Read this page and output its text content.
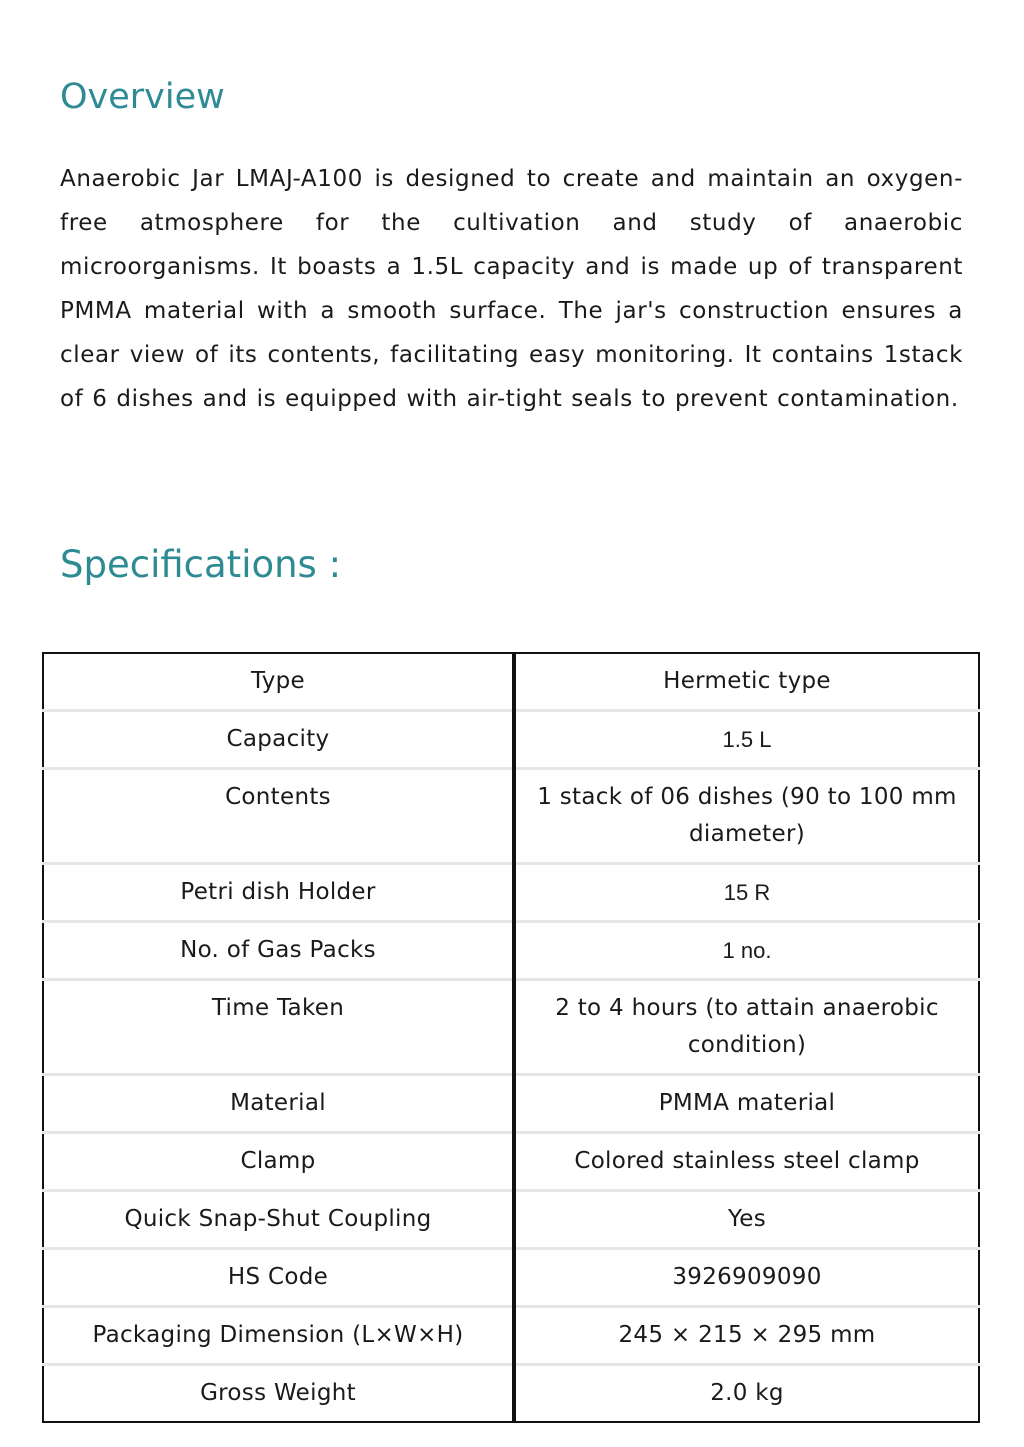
Overview

Anaerobic Jar LMAJ-A100 is designed to create and maintain an oxygen-free atmosphere for the cultivation and study of anaerobic microorganisms. It boasts a 1.5L capacity and is made up of transparent PMMA material with a smooth surface. The jar's construction ensures a clear view of its contents, facilitating easy monitoring. It contains 1stack of 6 dishes and is equipped with air-tight seals to prevent contamination.

Specifications :
Type	Hermetic type
Capacity	1.5 L
Contents	1 stack of 06 dishes (90 to 100 mm diameter)
Petri dish Holder	15 R
No. of Gas Packs	1 no.
Time Taken	2 to 4 hours (to attain anaerobic condition)
Material	PMMA material
Clamp	Colored stainless steel clamp
Quick Snap-Shut Coupling	Yes
HS Code	3926909090
Packaging Dimension (L×W×H)	245 × 215 × 295 mm
Gross Weight	2.0 kg
